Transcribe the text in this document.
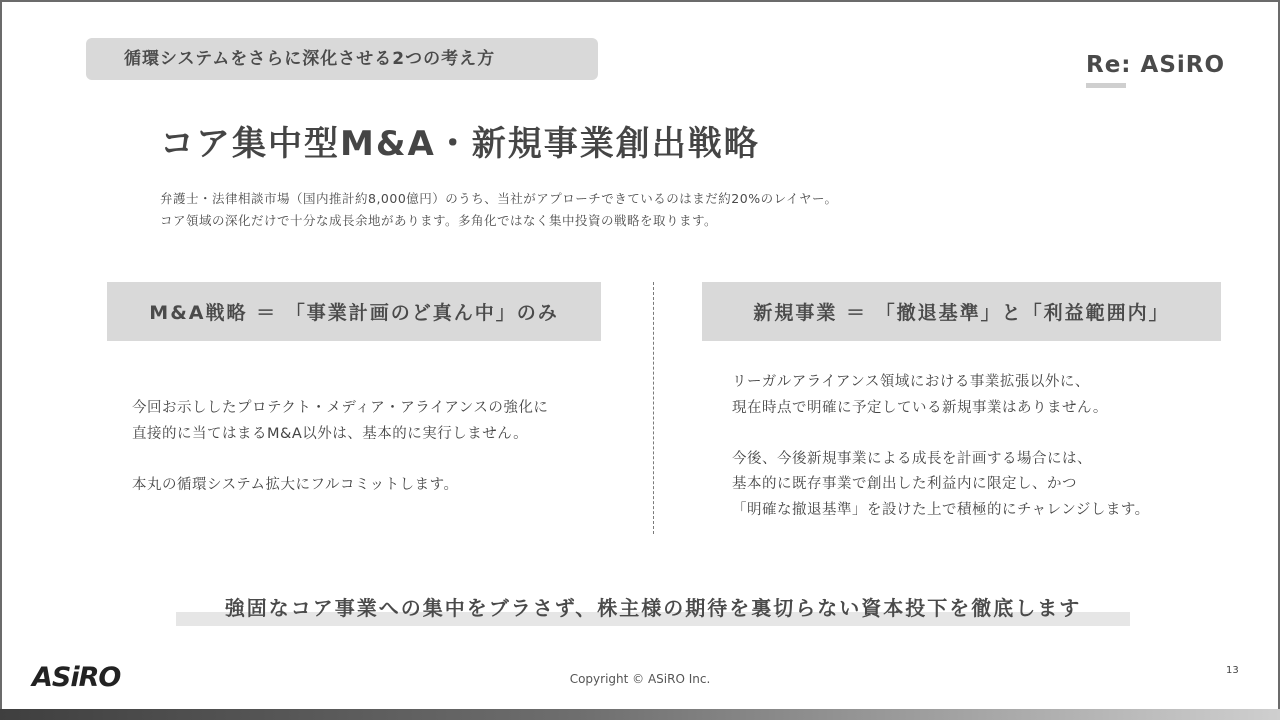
循環システムをさらに深化させる2つの考え方	Re: ASiRO
コア集中型M&A・新規事業創出戦略
弁護士・法律相談市場（国内推計約8,000億円）のうち、当社がアプローチできているのはまだ約20%のレイヤー。
コア領域の深化だけで十分な成長余地があります。多角化ではなく集中投資の戦略を取ります。
M&A戦略 ＝ 「事業計画のど真ん中」のみ	新規事業 ＝ 「撤退基準」と「利益範囲内」
今回お示ししたプロテクト・メディア・アライアンスの強化に
直接的に当てはまるM&A以外は、基本的に実行しません。
本丸の循環システム拡大にフルコミットします。
リーガルアライアンス領域における事業拡張以外に、
現在時点で明確に予定している新規事業はありません。
今後、今後新規事業による成長を計画する場合には、
基本的に既存事業で創出した利益内に限定し、かつ
「明確な撤退基準」を設けた上で積極的にチャレンジします。
強固なコア事業への集中をブラさず、株主様の期待を裏切らない資本投下を徹底します
ASiRO	Copyright © ASiRO Inc.
13
